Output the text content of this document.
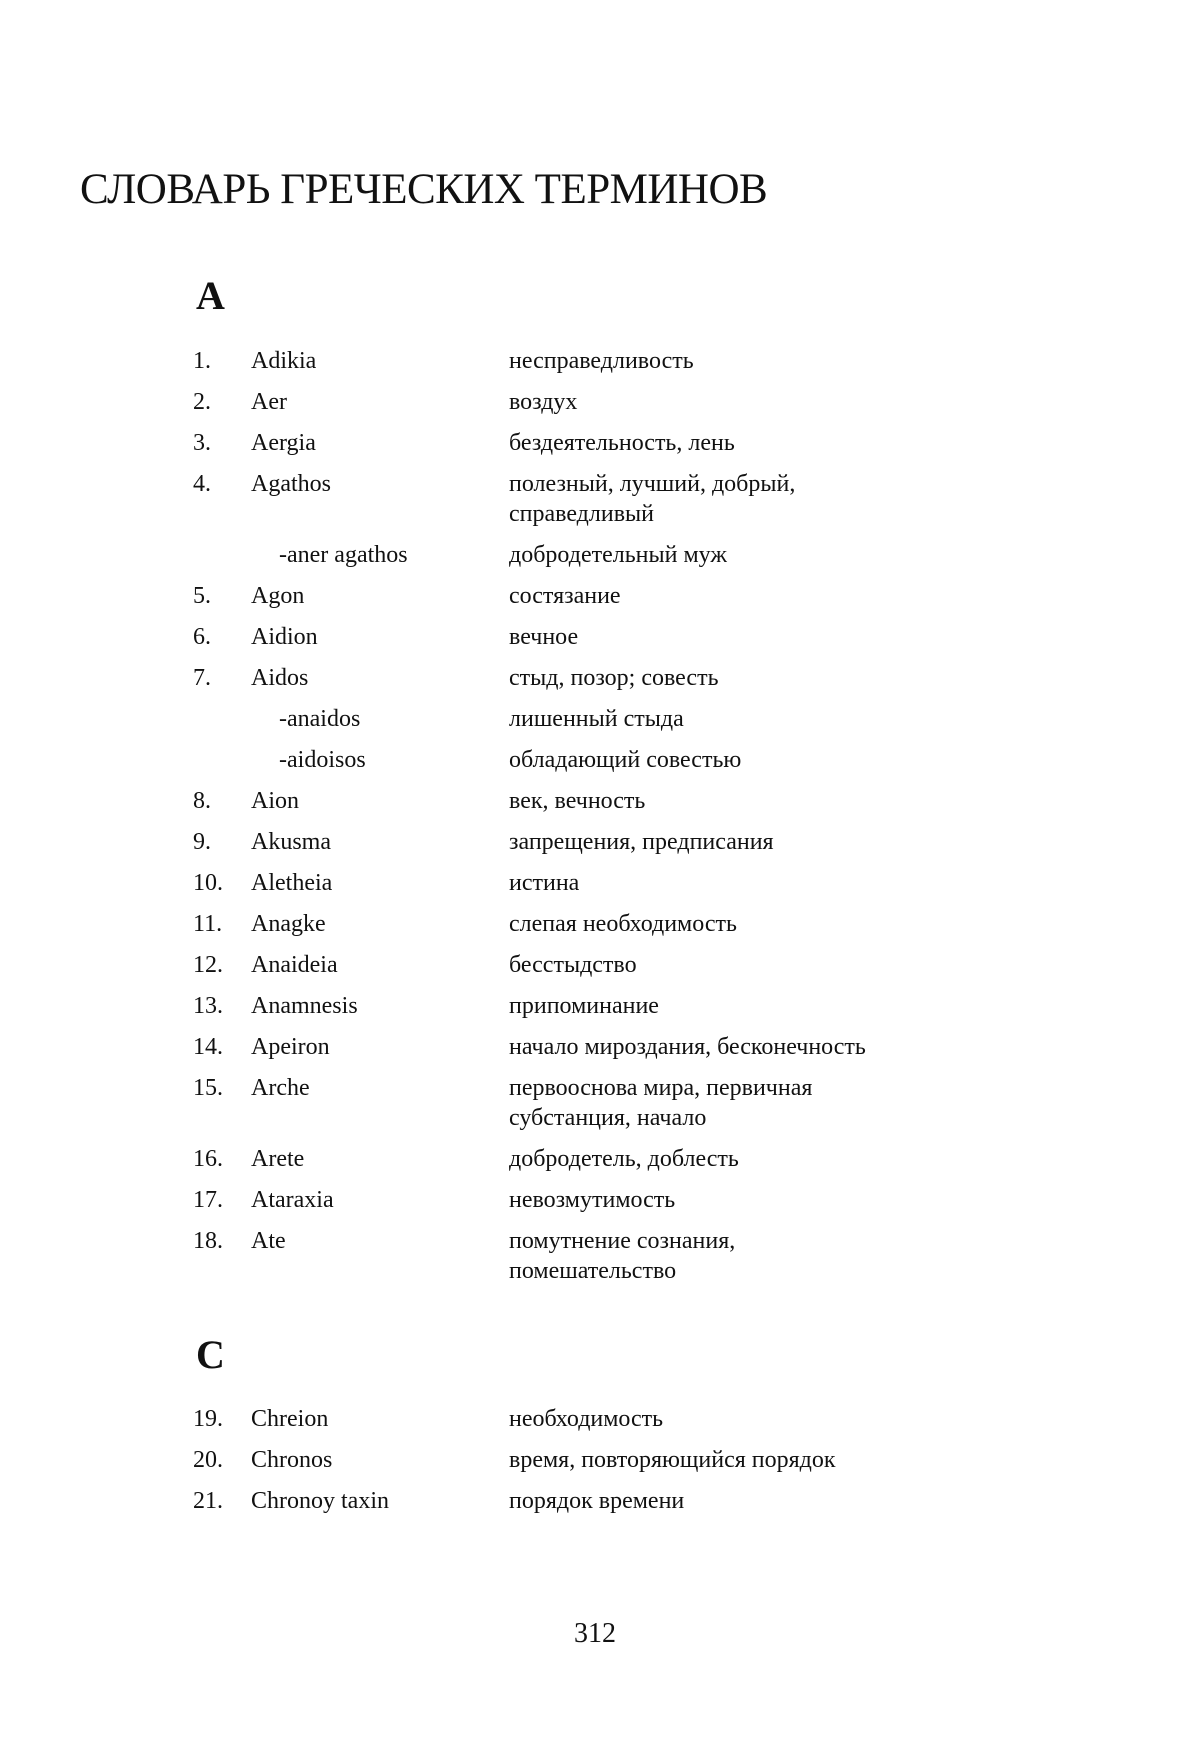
СЛОВАРЬ ГРЕЧЕСКИХ ТЕРМИНОВ
A
1.	Adikia	несправедливость
2.	Aer	воздух
3.	Aergia	бездеятельность, лень
4.	Agathos	полезный, лучший, добрый, справедливый
-aner agathos	добродетельный муж
5.	Agon	состязание
6.	Aidion	вечное
7.	Aidos	стыд, позор; совесть
-anaidos	лишенный стыда
-aidoisos	обладающий совестью
8.	Aion	век, вечность
9.	Akusma	запрещения, предписания
10.	Aletheia	истина
11.	Anagke	слепая необходимость
12.	Anaideia	бесстыдство
13.	Anamnesis	припоминание
14.	Apeiron	начало мироздания, бесконечность
15.	Arche	первооснова мира, первичная субстанция, начало
16.	Arete	добродетель, доблесть
17.	Ataraxia	невозмутимость
18.	Ate	помутнение сознания, помешательство
C
19.	Chreion	необходимость
20.	Chronos	время, повторяющийся порядок
21.	Chronoy taxin	порядок времени
312
